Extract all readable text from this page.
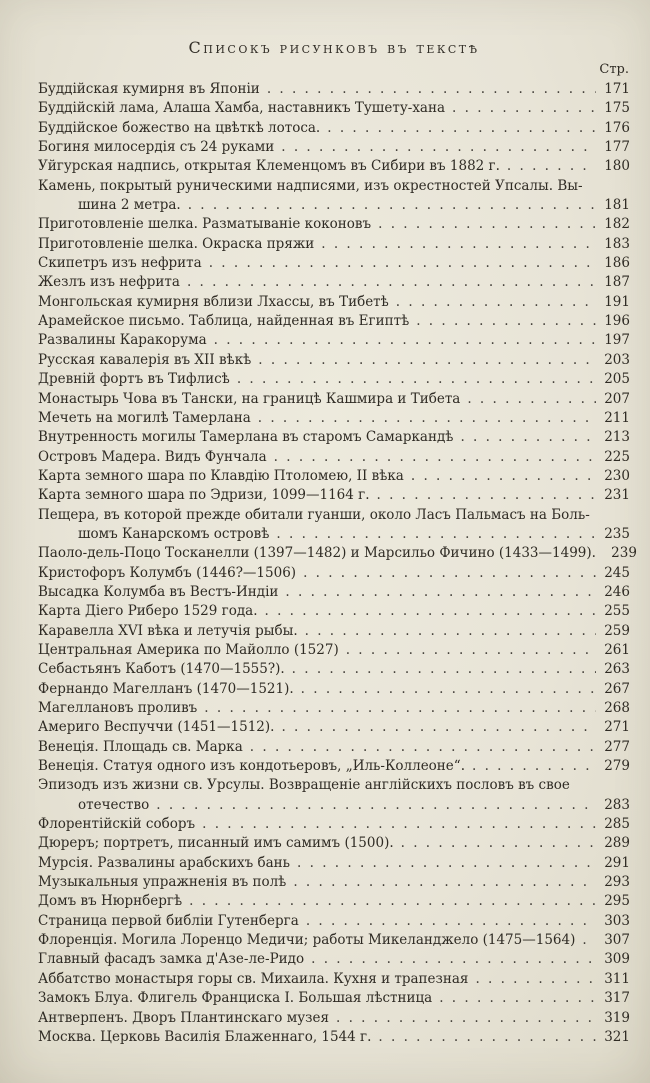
Списокъ рисунковъ въ текстѣ
Стр.
Буддійская кумирня въ Японіи . . .	171
Буддійскій лама, Алаша Хамба, наставникъ Тушету-хана . . .	175
Буддійское божество на цвѣткѣ лотоса. . . .	176
Богиня милосердія съ 24 руками . . .	177
Уйгурская надпись, открытая Клеменцомъ въ Сибири въ 1882 г. . . .	180
Камень, покрытый руническими надписями, изъ окрестностей Упсалы. Вы-
шина 2 метра. . . .	181
Приготовленіе шелка. Разматываніе коконовъ . . .	182
Приготовленіе шелка. Окраска пряжи . . .	183
Скипетръ изъ нефрита . . .	186
Жезлъ изъ нефрита . . .	187
Монгольская кумирня вблизи Лхассы, въ Тибетѣ . . .	191
Арамейское письмо. Таблица, найденная въ Египтѣ . . .	196
Развалины Каракорума . . .	197
Русская кавалерія въ XII вѣкѣ . . .	203
Древній фортъ въ Тифлисѣ . . .	205
Монастырь Чова въ Тански, на границѣ Кашмира и Тибета . . .	207
Мечеть на могилѣ Тамерлана . . .	211
Внутренность могилы Тамерлана въ старомъ Самаркандѣ . . .	213
Островъ Мадера. Видъ Фунчала . . .	225
Карта земного шара по Клавдію Птоломею, II вѣка . . .	230
Карта земного шара по Эдризи, 1099—1164 г. . . .	231
Пещера, въ которой прежде обитали гуанши, около Ласъ Пальмасъ на Боль-
шомъ Канарскомъ островѣ . . .	235
Паоло-дель-Поцо Тосканелли (1397—1482) и Марсильо Фичино (1433—1499).	239
Кристофоръ Колумбъ (1446?—1506) . . .	245
Высадка Колумба въ Вестъ-Индіи . . .	246
Карта Діего Риберо 1529 года. . . .	255
Каравелла XVI вѣка и летучія рыбы. . . .	259
Центральная Америка по Майолло (1527) . . .	261
Себастьянъ Каботъ (1470—1555?). . . .	263
Фернандо Магелланъ (1470—1521). . . .	267
Магеллановъ проливъ . . .	268
Америго Веспуччи (1451—1512). . . .	271
Венеція. Площадь св. Марка . . .	277
Венеція. Статуя одного изъ кондотьеровъ, „Иль-Коллеоне“. . . .	279
Эпизодъ изъ жизни св. Урсулы. Возвращеніе англійскихъ пословъ въ свое
отечество . . .	283
Флорентійскій соборъ . . .	285
Дюреръ; портретъ, писанный имъ самимъ (1500). . . .	289
Мурсія. Развалины арабскихъ бань . . .	291
Музыкальныя упражненія въ полѣ . . .	293
Домъ въ Нюрнбергѣ . . .	295
Страница первой библіи Гутенберга . . .	303
Флоренція. Могила Лоренцо Медичи; работы Микеланджело (1475—1564) . . .	307
Главный фасадъ замка д'Азе-ле-Ридо . . .	309
Аббатство монастыря горы св. Михаила. Кухня и трапезная . . .	311
Замокъ Блуа. Флигель Франциска I. Большая лѣстница . . .	317
Антверпенъ. Дворъ Плантинскаго музея . . .	319
Москва. Церковь Василія Блаженнаго, 1544 г. . . .	321
